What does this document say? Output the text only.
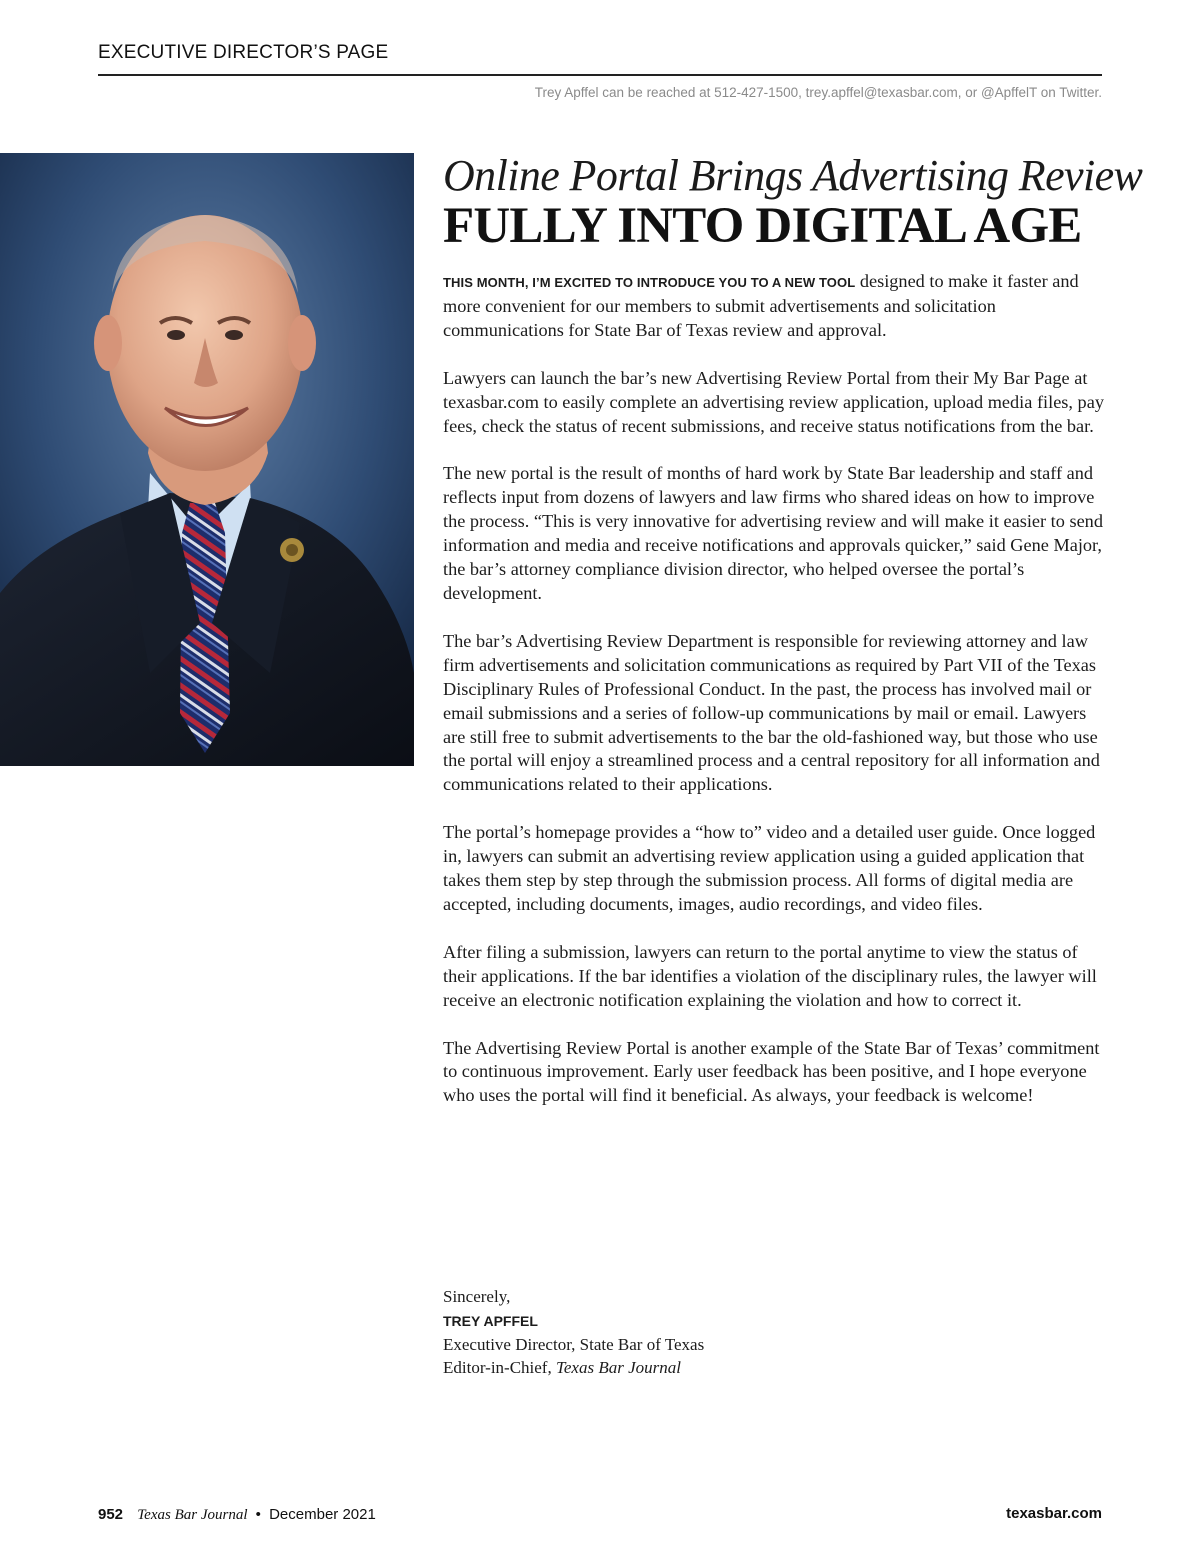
EXECUTIVE DIRECTOR’S PAGE
Trey Apffel can be reached at 512-427-1500, trey.apffel@texasbar.com, or @ApffelT on Twitter.
Online Portal Brings Advertising Review
FULLY INTO DIGITAL AGE

THIS MONTH, I’M EXCITED TO INTRODUCE YOU TO A NEW TOOL designed to make it faster and more convenient for our members to submit advertisements and solicitation communications for State Bar of Texas review and approval.

Lawyers can launch the bar’s new Advertising Review Portal from their My Bar Page at texasbar.com to easily complete an advertising review application, upload media files, pay fees, check the status of recent submissions, and receive status notifications from the bar.

The new portal is the result of months of hard work by State Bar leadership and staff and reflects input from dozens of lawyers and law firms who shared ideas on how to improve the process. “This is very innovative for advertising review and will make it easier to send information and media and receive notifications and approvals quicker,” said Gene Major, the bar’s attorney compliance division director, who helped oversee the portal’s development.

The bar’s Advertising Review Department is responsible for reviewing attorney and law firm advertisements and solicitation communications as required by Part VII of the Texas Disciplinary Rules of Professional Conduct. In the past, the process has involved mail or email submissions and a series of follow-up communications by mail or email. Lawyers are still free to submit advertisements to the bar the old-fashioned way, but those who use the portal will enjoy a streamlined process and a central repository for all information and communications related to their applications.

The portal’s homepage provides a “how to” video and a detailed user guide. Once logged in, lawyers can submit an advertising review application using a guided application that takes them step by step through the submission process. All forms of digital media are accepted, including documents, images, audio recordings, and video files.

After filing a submission, lawyers can return to the portal anytime to view the status of their applications. If the bar identifies a violation of the disciplinary rules, the lawyer will receive an electronic notification explaining the violation and how to correct it.

The Advertising Review Portal is another example of the State Bar of Texas’ commitment to continuous improvement. Early user feedback has been positive, and I hope everyone who uses the portal will find it beneficial. As always, your feedback is welcome!

Sincerely,
TREY APFFEL
Executive Director, State Bar of Texas
Editor-in-Chief, Texas Bar Journal
952 Texas Bar Journal • December 2021	texasbar.com
